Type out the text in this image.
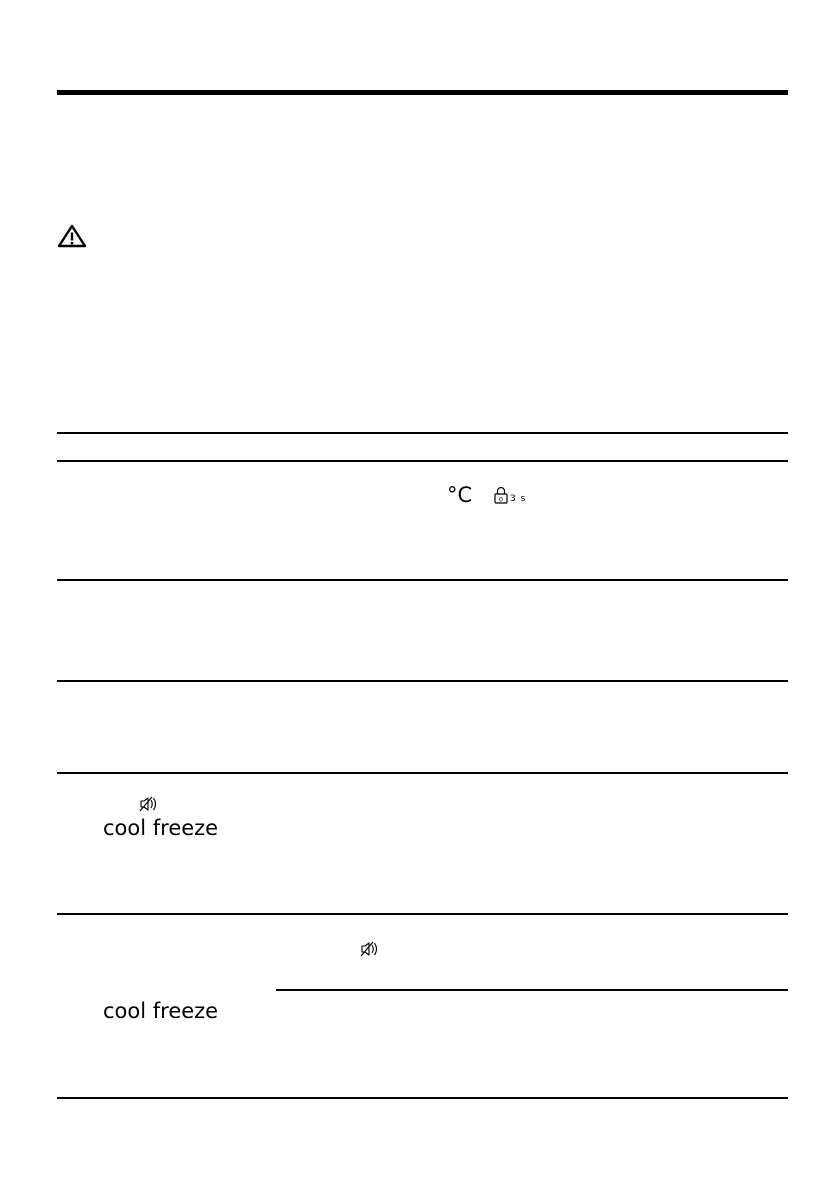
°C	0 3 s
cool freeze
cool freeze
